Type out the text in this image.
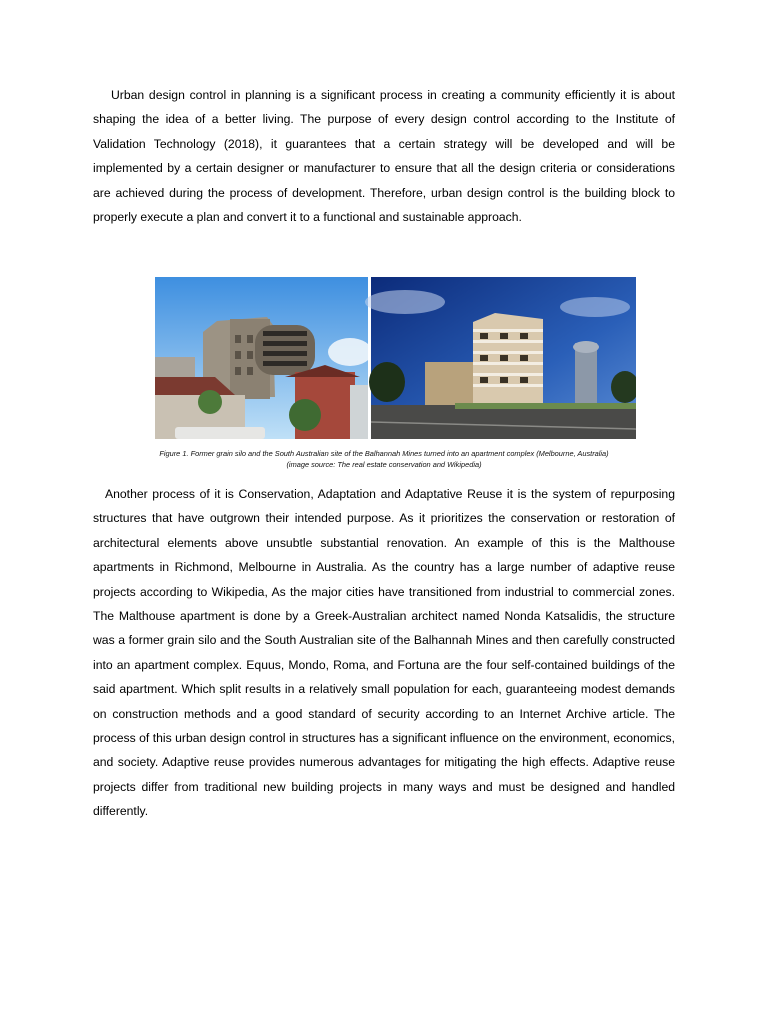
Urban design control in planning is a significant process in creating a community efficiently it is about shaping the idea of a better living. The purpose of every design control according to the Institute of Validation Technology (2018), it guarantees that a certain strategy will be developed and will be implemented by a certain designer or manufacturer to ensure that all the design criteria or considerations are achieved during the process of development. Therefore, urban design control is the building block to properly execute a plan and convert it to a functional and sustainable approach.

Figure 1. Former grain silo and the South Australian site of the Balhannah Mines turned into an apartment complex (Melbourne, Australia)
(image source: The real estate conservation and Wikipedia)

Another process of it is Conservation, Adaptation and Adaptative Reuse it is the system of repurposing structures that have outgrown their intended purpose. As it prioritizes the conservation or restoration of architectural elements above unsubtle substantial renovation. An example of this is the Malthouse apartments in Richmond, Melbourne in Australia. As the country has a large number of adaptive reuse projects according to Wikipedia, As the major cities have transitioned from industrial to commercial zones. The Malthouse apartment is done by a Greek-Australian architect named Nonda Katsalidis, the structure was a former grain silo and the South Australian site of the Balhannah Mines and then carefully constructed into an apartment complex. Equus, Mondo, Roma, and Fortuna are the four self-contained buildings of the said apartment. Which split results in a relatively small population for each, guaranteeing modest demands on construction methods and a good standard of security according to an Internet Archive article. The process of this urban design control in structures has a significant influence on the environment, economics, and society. Adaptive reuse provides numerous advantages for mitigating the high effects. Adaptive reuse projects differ from traditional new building projects in many ways and must be designed and handled differently.
